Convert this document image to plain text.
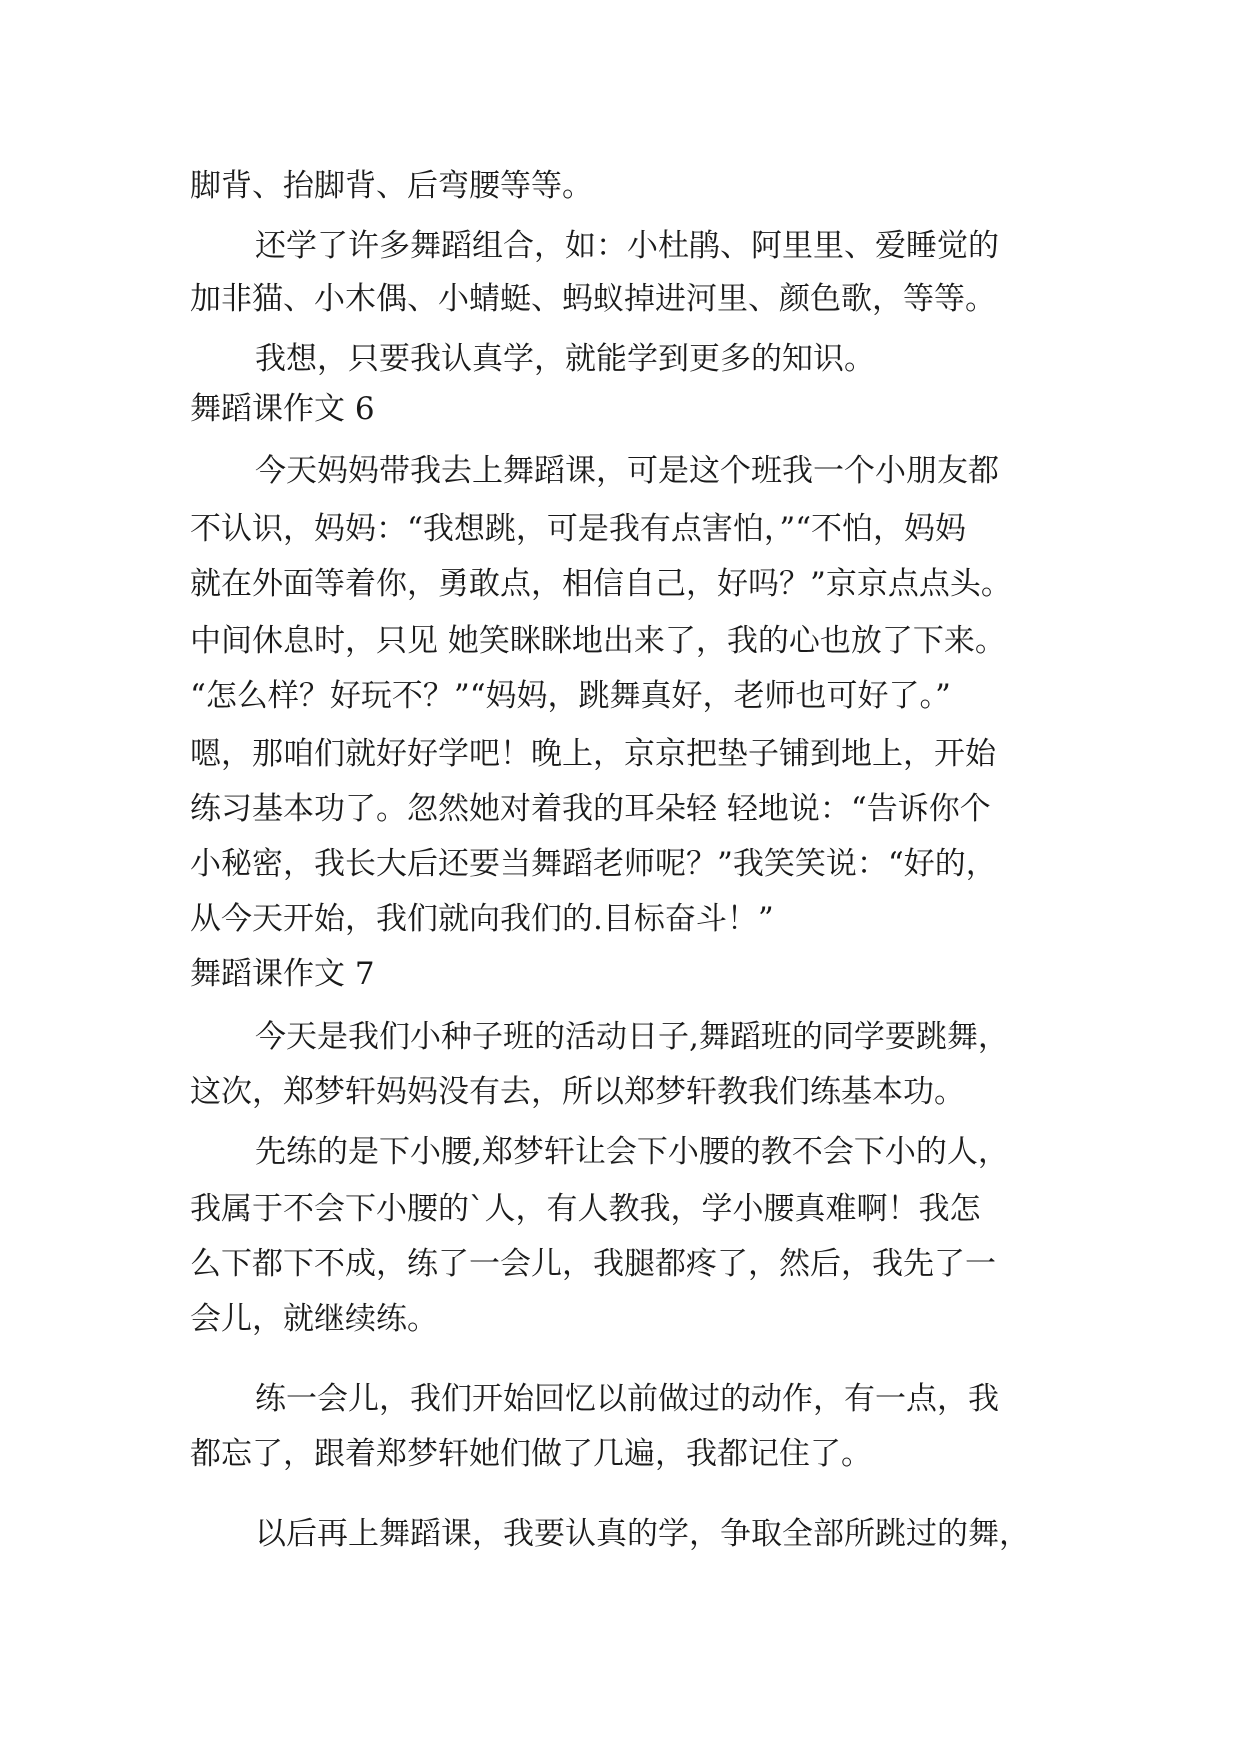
脚背、抬脚背、后弯腰等等。
还学了许多舞蹈组合，如：小杜鹃、阿里里、爱睡觉的
加非猫、小木偶、小蜻蜓、蚂蚁掉进河里、颜色歌，等等。
我想，只要我认真学，就能学到更多的知识。
舞蹈课作文 6
今天妈妈带我去上舞蹈课，可是这个班我一个小朋友都
不认识，妈妈：“我想跳，可是我有点害怕，”“不怕，妈妈
就在外面等着你，勇敢点，相信自己，好吗？”京京点点头。
中间休息时，只见 她笑眯眯地出来了，我的心也放了下来。
“怎么样？好玩不？”“妈妈，跳舞真好，老师也可好了。”
嗯，那咱们就好好学吧！晚上，京京把垫子铺到地上，开始
练习基本功了。忽然她对着我的耳朵轻 轻地说：“告诉你个
小秘密，我长大后还要当舞蹈老师呢？”我笑笑说：“好的，
从今天开始，我们就向我们的.目标奋斗！”
舞蹈课作文 7
今天是我们小种子班的活动日子,舞蹈班的同学要跳舞，
这次，郑梦轩妈妈没有去，所以郑梦轩教我们练基本功。
先练的是下小腰,郑梦轩让会下小腰的教不会下小的人，
我属于不会下小腰的`人，有人教我，学小腰真难啊！我怎
么下都下不成，练了一会儿，我腿都疼了，然后，我先了一
会儿，就继续练。
练一会儿，我们开始回忆以前做过的动作，有一点，我
都忘了，跟着郑梦轩她们做了几遍，我都记住了。
以后再上舞蹈课，我要认真的学，争取全部所跳过的舞，
